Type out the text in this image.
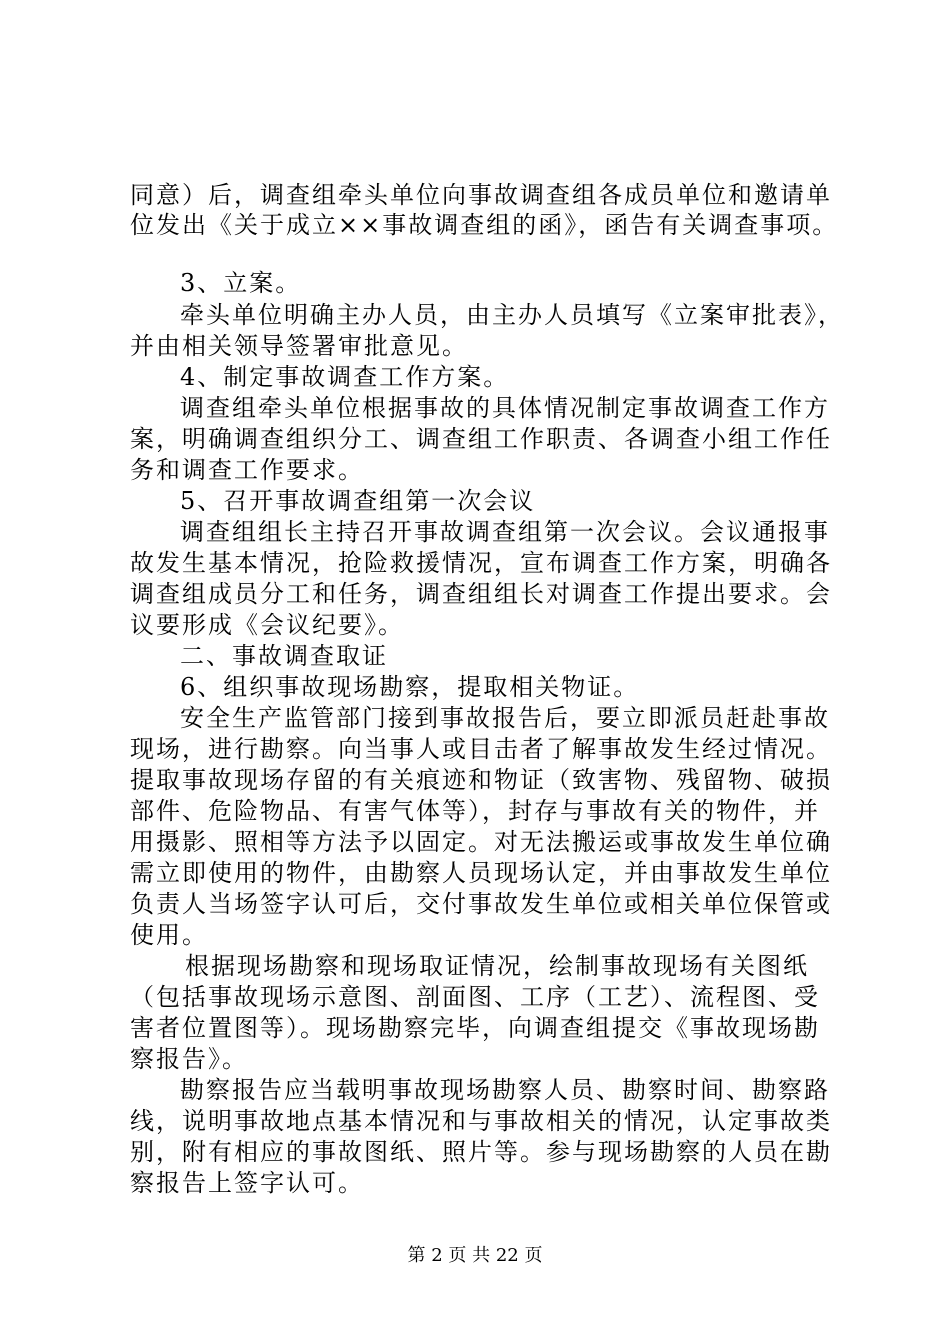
同意）后，调查组牵头单位向事故调查组各成员单位和邀请单
位发出《关于成立××事故调查组的函》，函告有关调查事项。
3、立案。
牵头单位明确主办人员，由主办人员填写《立案审批表》，
并由相关领导签署审批意见。
4、制定事故调查工作方案。
调查组牵头单位根据事故的具体情况制定事故调查工作方
案，明确调查组织分工、调查组工作职责、各调查小组工作任
务和调查工作要求。
5、召开事故调查组第一次会议
调查组组长主持召开事故调查组第一次会议。会议通报事
故发生基本情况，抢险救援情况，宣布调查工作方案，明确各
调查组成员分工和任务，调查组组长对调查工作提出要求。会
议要形成《会议纪要》。
二、事故调查取证
6、组织事故现场勘察，提取相关物证。
安全生产监管部门接到事故报告后，要立即派员赶赴事故
现场，进行勘察。向当事人或目击者了解事故发生经过情况。
提取事故现场存留的有关痕迹和物证（致害物、残留物、破损
部件、危险物品、有害气体等），封存与事故有关的物件，并
用摄影、照相等方法予以固定。对无法搬运或事故发生单位确
需立即使用的物件，由勘察人员现场认定，并由事故发生单位
负责人当场签字认可后，交付事故发生单位或相关单位保管或
使用。
根据现场勘察和现场取证情况，绘制事故现场有关图纸
（包括事故现场示意图、剖面图、工序（工艺）、流程图、受
害者位置图等）。现场勘察完毕，向调查组提交《事故现场勘
察报告》。
勘察报告应当载明事故现场勘察人员、勘察时间、勘察路
线，说明事故地点基本情况和与事故相关的情况，认定事故类
别，附有相应的事故图纸、照片等。参与现场勘察的人员在勘
察报告上签字认可。
第 2 页 共 22 页
